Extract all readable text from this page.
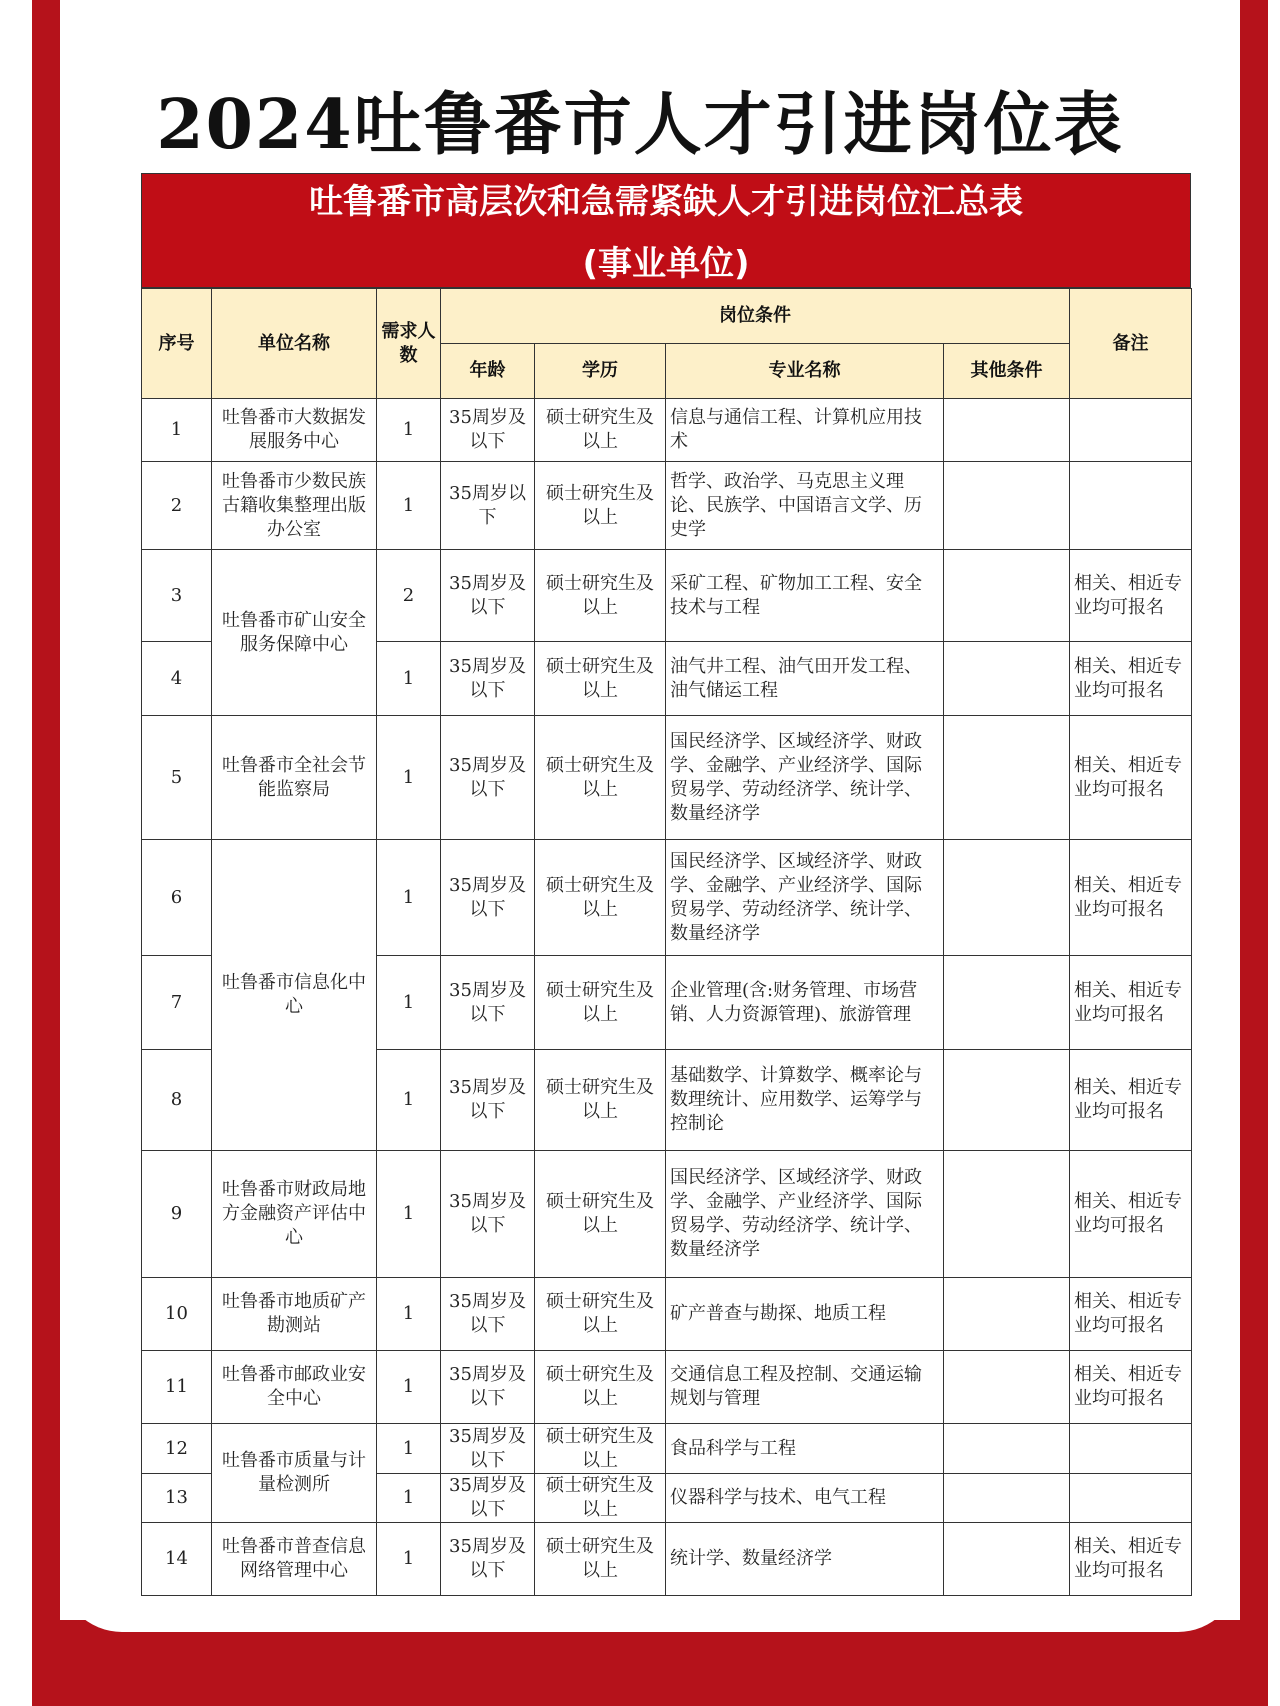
2024吐鲁番市人才引进岗位表
吐鲁番市高层次和急需紧缺人才引进岗位汇总表
(事业单位)
序号	单位名称	需求人数	岗位条件				备注
			年龄	学历	专业名称	其他条件	
1	吐鲁番市大数据发展服务中心	1	35周岁及以下	硕士研究生及以上	信息与通信工程、计算机应用技术		
2	吐鲁番市少数民族古籍收集整理出版办公室	1	35周岁以下	硕士研究生及以上	哲学、政治学、马克思主义理论、民族学、中国语言文学、历史学		
3	吐鲁番市矿山安全服务保障中心	2	35周岁及以下	硕士研究生及以上	采矿工程、矿物加工工程、安全技术与工程		相关、相近专业均可报名
4		1	35周岁及以下	硕士研究生及以上	油气井工程、油气田开发工程、油气储运工程		相关、相近专业均可报名
5	吐鲁番市全社会节能监察局	1	35周岁及以下	硕士研究生及以上	国民经济学、区域经济学、财政学、金融学、产业经济学、国际贸易学、劳动经济学、统计学、数量经济学		相关、相近专业均可报名
6	吐鲁番市信息化中心	1	35周岁及以下	硕士研究生及以上	国民经济学、区域经济学、财政学、金融学、产业经济学、国际贸易学、劳动经济学、统计学、数量经济学		相关、相近专业均可报名
7		1	35周岁及以下	硕士研究生及以上	企业管理(含:财务管理、市场营销、人力资源管理)、旅游管理		相关、相近专业均可报名
8		1	35周岁及以下	硕士研究生及以上	基础数学、计算数学、概率论与数理统计、应用数学、运筹学与控制论		相关、相近专业均可报名
9	吐鲁番市财政局地方金融资产评估中心	1	35周岁及以下	硕士研究生及以上	国民经济学、区域经济学、财政学、金融学、产业经济学、国际贸易学、劳动经济学、统计学、数量经济学		相关、相近专业均可报名
10	吐鲁番市地质矿产勘测站	1	35周岁及以下	硕士研究生及以上	矿产普查与勘探、地质工程		相关、相近专业均可报名
11	吐鲁番市邮政业安全中心	1	35周岁及以下	硕士研究生及以上	交通信息工程及控制、交通运输规划与管理		相关、相近专业均可报名
12	吐鲁番市质量与计量检测所	1	35周岁及以下	硕士研究生及以上	食品科学与工程		
13		1	35周岁及以下	硕士研究生及以上	仪器科学与技术、电气工程		
14	吐鲁番市普查信息网络管理中心	1	35周岁及以下	硕士研究生及以上	统计学、数量经济学		相关、相近专业均可报名
